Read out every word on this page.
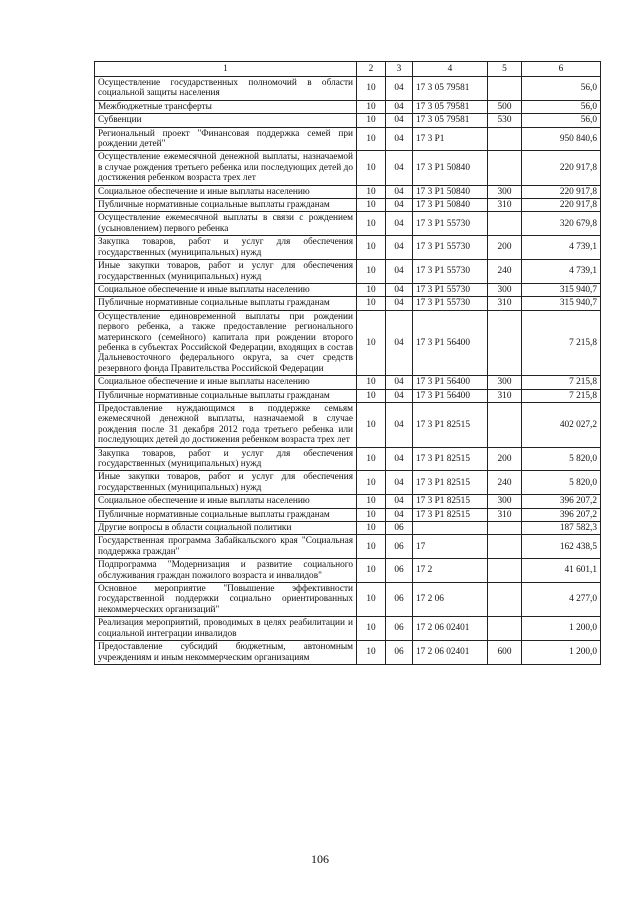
1	2	3	4	5	6
Осуществление государственных полномочий в области социальной защиты населения	10	04	17 3 05 79581		56,0
Межбюджетные трансферты	10	04	17 3 05 79581	500	56,0
Субвенции	10	04	17 3 05 79581	530	56,0
Региональный проект "Финансовая поддержка семей при рождении детей"	10	04	17 3 P1		950 840,6
Осуществление ежемесячной денежной выплаты, назначаемой в случае рождения третьего ребенка или последующих детей до достижения ребенком возраста трех лет	10	04	17 3 P1 50840		220 917,8
Социальное обеспечение и иные выплаты населению	10	04	17 3 P1 50840	300	220 917,8
Публичные нормативные социальные выплаты гражданам	10	04	17 3 P1 50840	310	220 917,8
Осуществление ежемесячной выплаты в связи с рождением (усыновлением) первого ребенка	10	04	17 3 P1 55730		320 679,8
Закупка товаров, работ и услуг для обеспечения государственных (муниципальных) нужд	10	04	17 3 P1 55730	200	4 739,1
Иные закупки товаров, работ и услуг для обеспечения государственных (муниципальных) нужд	10	04	17 3 P1 55730	240	4 739,1
Социальное обеспечение и иные выплаты населению	10	04	17 3 P1 55730	300	315 940,7
Публичные нормативные социальные выплаты гражданам	10	04	17 3 P1 55730	310	315 940,7
Осуществление единовременной выплаты при рождении первого ребенка, а также предоставление регионального материнского (семейного) капитала при рождении второго ребенка в субъектах Российской Федерации, входящих в состав Дальневосточного федерального округа, за счет средств резервного фонда Правительства Российской Федерации	10	04	17 3 P1 56400		7 215,8
Социальное обеспечение и иные выплаты населению	10	04	17 3 P1 56400	300	7 215,8
Публичные нормативные социальные выплаты гражданам	10	04	17 3 P1 56400	310	7 215,8
Предоставление нуждающимся в поддержке семьям ежемесячной денежной выплаты, назначаемой в случае рождения после 31 декабря 2012 года третьего ребенка или последующих детей до достижения ребенком возраста трех лет	10	04	17 3 P1 82515		402 027,2
Закупка товаров, работ и услуг для обеспечения государственных (муниципальных) нужд	10	04	17 3 P1 82515	200	5 820,0
Иные закупки товаров, работ и услуг для обеспечения государственных (муниципальных) нужд	10	04	17 3 P1 82515	240	5 820,0
Социальное обеспечение и иные выплаты населению	10	04	17 3 P1 82515	300	396 207,2
Публичные нормативные социальные выплаты гражданам	10	04	17 3 P1 82515	310	396 207,2
Другие вопросы в области социальной политики	10	06			187 582,3
Государственная программа Забайкальского края "Социальная поддержка граждан"	10	06	17		162 438,5
Подпрограмма "Модернизация и развитие социального обслуживания граждан пожилого возраста и инвалидов"	10	06	17 2		41 601,1
Основное мероприятие "Повышение эффективности государственной поддержки социально ориентированных некоммерческих организаций"	10	06	17 2 06		4 277,0
Реализация мероприятий, проводимых в целях реабилитации и социальной интеграции инвалидов	10	06	17 2 06 02401		1 200,0
Предоставление субсидий бюджетным, автономным учреждениям и иным некоммерческим организациям	10	06	17 2 06 02401	600	1 200,0
106
